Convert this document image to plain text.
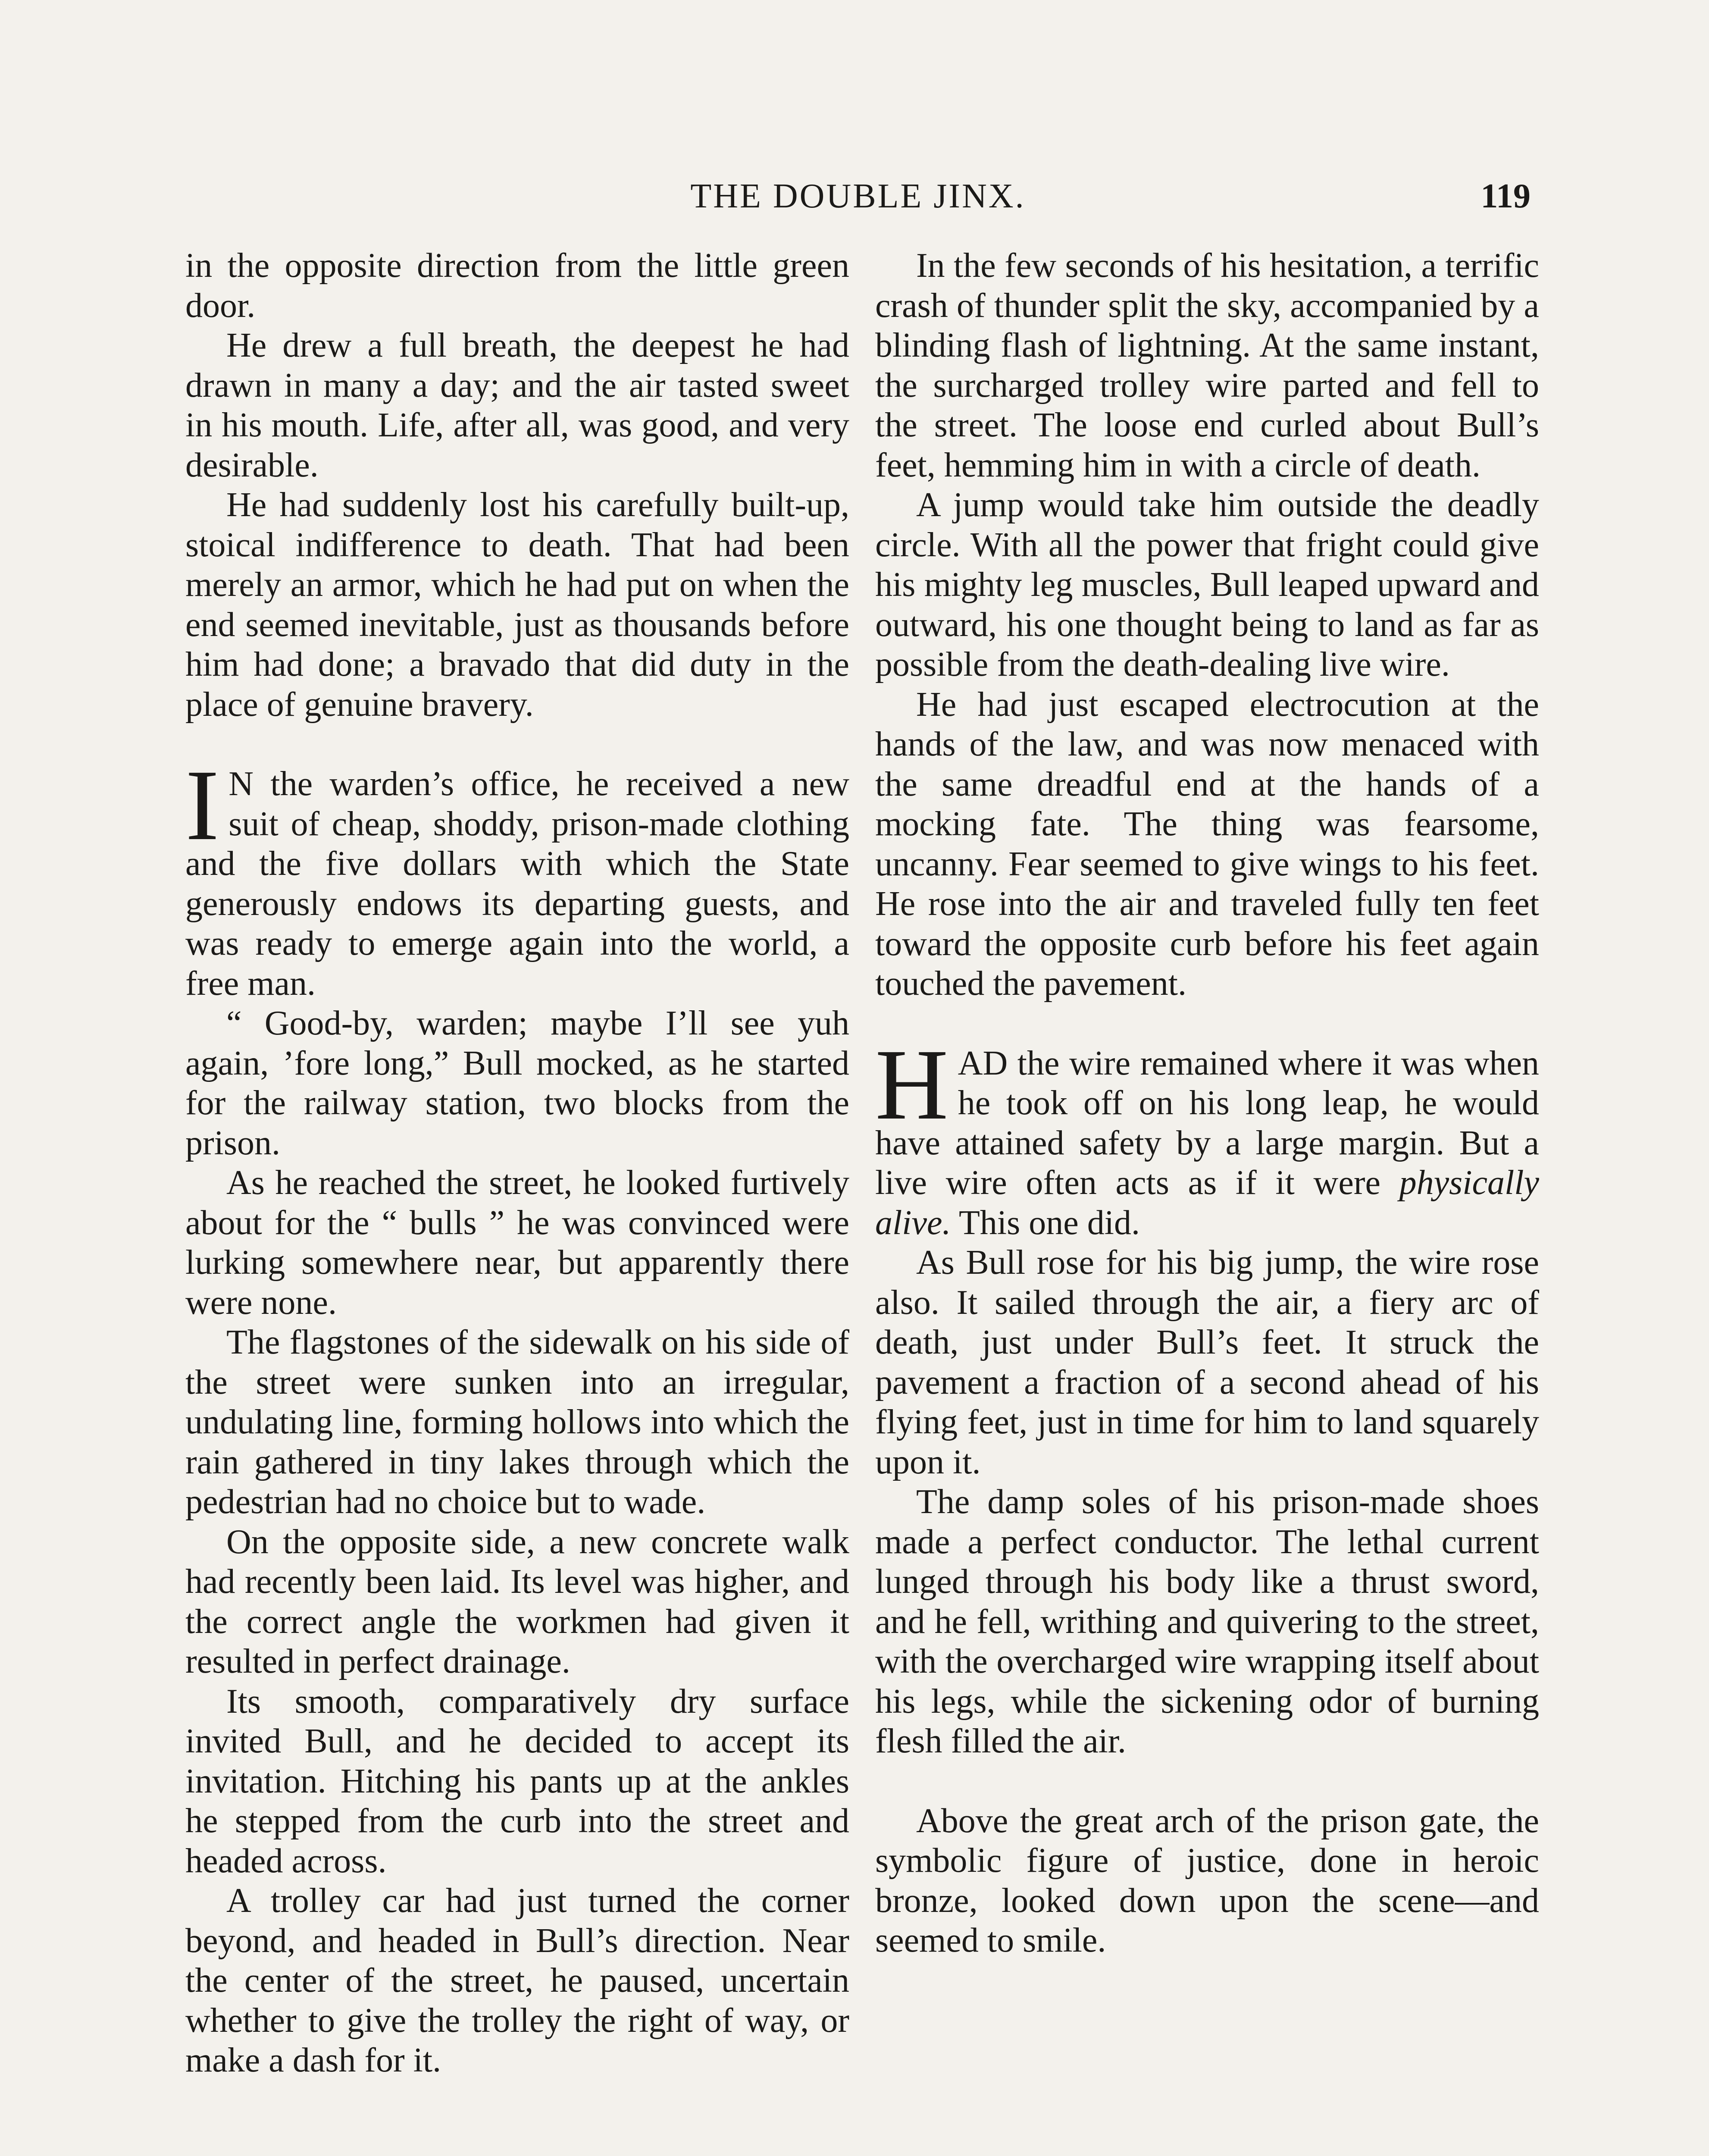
THE DOUBLE JINX.	119

in the opposite direction from the little green door.

He drew a full breath, the deepest he had drawn in many a day; and the air tasted sweet in his mouth. Life, after all, was good, and very desirable.

He had suddenly lost his carefully built-up, stoical indifference to death. That had been merely an armor, which he had put on when the end seemed inevitable, just as thousands before him had done; a bravado that did duty in the place of genuine bravery.

I N the warden’s office, he received a new suit of cheap, shoddy, prison-made clothing and the five dollars with which the State generously endows its departing guests, and was ready to emerge again into the world, a free man.

“ Good-by, warden; maybe I’ll see yuh again, ’fore long,” Bull mocked, as he started for the railway station, two blocks from the prison.

As he reached the street, he looked furtively about for the “ bulls ” he was convinced were lurking somewhere near, but apparently there were none.

The flagstones of the sidewalk on his side of the street were sunken into an irregular, undulating line, forming hollows into which the rain gathered in tiny lakes through which the pedestrian had no choice but to wade.

On the opposite side, a new concrete walk had recently been laid. Its level was higher, and the correct angle the workmen had given it resulted in perfect drainage.

Its smooth, comparatively dry surface invited Bull, and he decided to accept its invitation. Hitching his pants up at the ankles he stepped from the curb into the street and headed across.

A trolley car had just turned the corner beyond, and headed in Bull’s direction. Near the center of the street, he paused, uncertain whether to give the trolley the right of way, or make a dash for it.

In the few seconds of his hesitation, a terrific crash of thunder split the sky, accompanied by a blinding flash of lightning. At the same instant, the surcharged trolley wire parted and fell to the street. The loose end curled about Bull’s feet, hemming him in with a circle of death.

A jump would take him outside the deadly circle. With all the power that fright could give his mighty leg muscles, Bull leaped upward and outward, his one thought being to land as far as possible from the death-dealing live wire.

He had just escaped electrocution at the hands of the law, and was now menaced with the same dreadful end at the hands of a mocking fate. The thing was fearsome, uncanny. Fear seemed to give wings to his feet. He rose into the air and traveled fully ten feet toward the opposite curb before his feet again touched the pavement.

HAD the wire remained where it was when he took off on his long leap, he would have attained safety by a large margin. But a live wire often acts as if it were physically alive. This one did.

As Bull rose for his big jump, the wire rose also. It sailed through the air, a fiery arc of death, just under Bull’s feet. It struck the pavement a fraction of a second ahead of his flying feet, just in time for him to land squarely upon it.

The damp soles of his prison-made shoes made a perfect conductor. The lethal current lunged through his body like a thrust sword, and he fell, writhing and quivering to the street, with the overcharged wire wrapping itself about his legs, while the sickening odor of burning flesh filled the air.

Above the great arch of the prison gate, the symbolic figure of justice, done in heroic bronze, looked down upon the scene—and seemed to smile.
